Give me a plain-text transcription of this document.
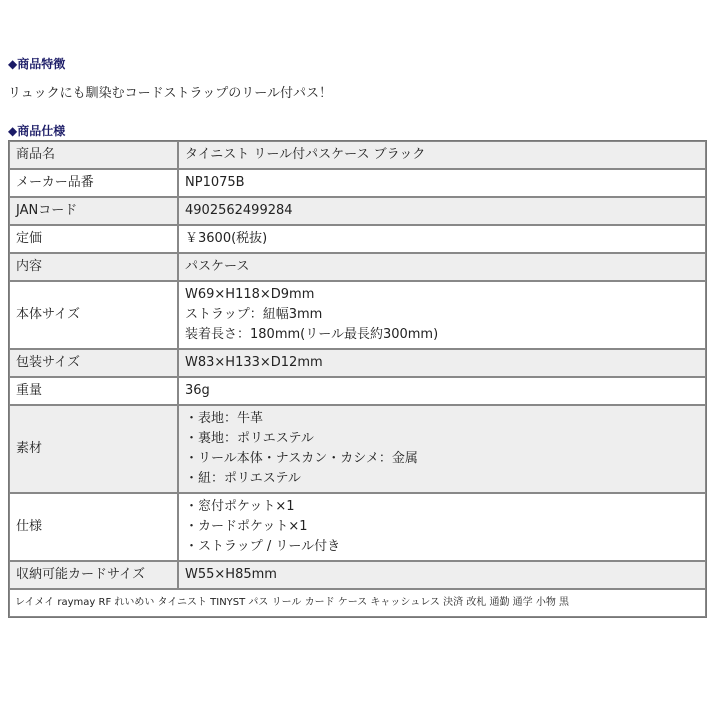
◆商品特徴
リュックにも馴染むコードストラップのリール付パス！
◆商品仕様
商品名	タイニスト リール付パスケース ブラック

メーカー品番	NP1075B

JANコード	4902562499284

定価	￥3600(税抜)

内容	パスケース

本体サイズ	W69×H118×D9mm
ストラップ：紐幅3mm
装着長さ：180mm(リール最長約300mm)

包装サイズ	W83×H133×D12mm

重量	36g

素材	・表地：牛革
・裏地：ポリエステル
・リール本体・ナスカン・カシメ：金属
・紐：ポリエステル

仕様	・窓付ポケット×1
・カードポケット×1
・ストラップ / リール付き

収納可能カードサイズ	W55×H85mm

レイメイ raymay RF れいめい タイニスト TINYST パス リール カード ケース キャッシュレス 決済 改札 通勤 通学 小物 黒	
